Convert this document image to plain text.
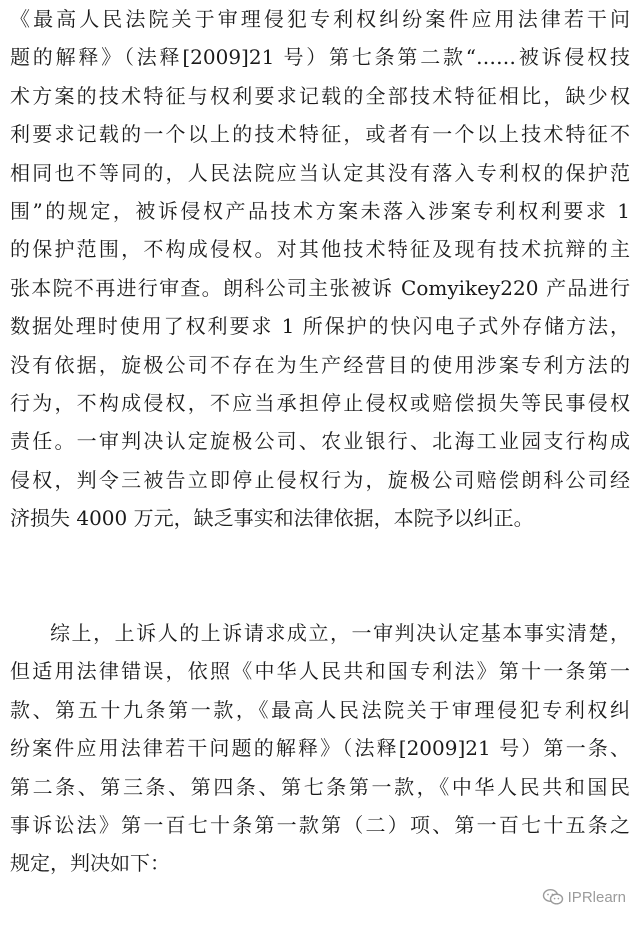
《最高人民法院关于审理侵犯专利权纠纷案件应用法律若干问
题的解释》（法释[2009]21 号）第七条第二款“……被诉侵权技
术方案的技术特征与权利要求记载的全部技术特征相比，缺少权
利要求记载的一个以上的技术特征，或者有一个以上技术特征不
相同也不等同的，人民法院应当认定其没有落入专利权的保护范
围”的规定，被诉侵权产品技术方案未落入涉案专利权利要求 1
的保护范围，不构成侵权。对其他技术特征及现有技术抗辩的主
张本院不再进行审查。朗科公司主张被诉 Comyikey220 产品进行
数据处理时使用了权利要求 1 所保护的快闪电子式外存储方法，
没有依据，旋极公司不存在为生产经营目的使用涉案专利方法的
行为，不构成侵权，不应当承担停止侵权或赔偿损失等民事侵权
责任。一审判决认定旋极公司、农业银行、北海工业园支行构成
侵权，判令三被告立即停止侵权行为，旋极公司赔偿朗科公司经
济损失 4000 万元，缺乏事实和法律依据，本院予以纠正。
综上，上诉人的上诉请求成立，一审判决认定基本事实清楚，
但适用法律错误，依照《中华人民共和国专利法》第十一条第一
款、第五十九条第一款，《最高人民法院关于审理侵犯专利权纠
纷案件应用法律若干问题的解释》（法释[2009]21 号）第一条、
第二条、第三条、第四条、第七条第一款，《中华人民共和国民
事诉讼法》第一百七十条第一款第（二）项、第一百七十五条之
规定，判决如下：
IPRlearn
